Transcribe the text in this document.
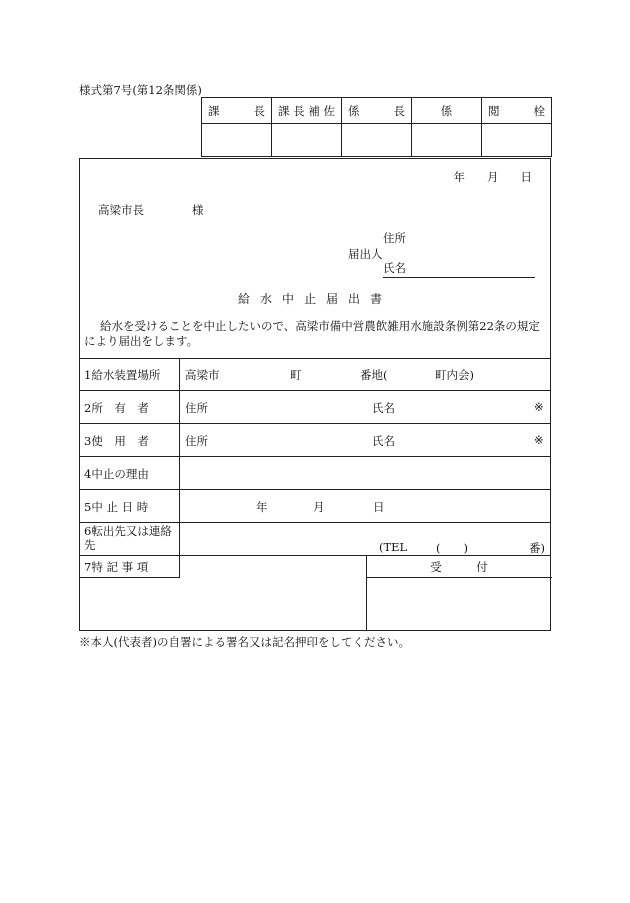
様式第7号(第12条関係)
課 長	課 長 補 佐	係 長	係	閲 栓

年 月 日
高梁市長	様
住所
届出人
氏名
給水中止届出書
給水を受けることを中止したいので、高梁市備中営農飲雑用水施設条例第22条の規定により届出をします。
1給水装置場所 高梁市	町	番地(	町内会)
2所　有　者	住所	氏名	※
3使　用　者	住所	氏名	※
4中止の理由
5中 止 日 時	年	月	日
6転出先又は連絡先	(TEL	(　　)	番)
7特 記 事 項	受　　　付
※本人(代表者)の自署による署名又は記名押印をしてください。
